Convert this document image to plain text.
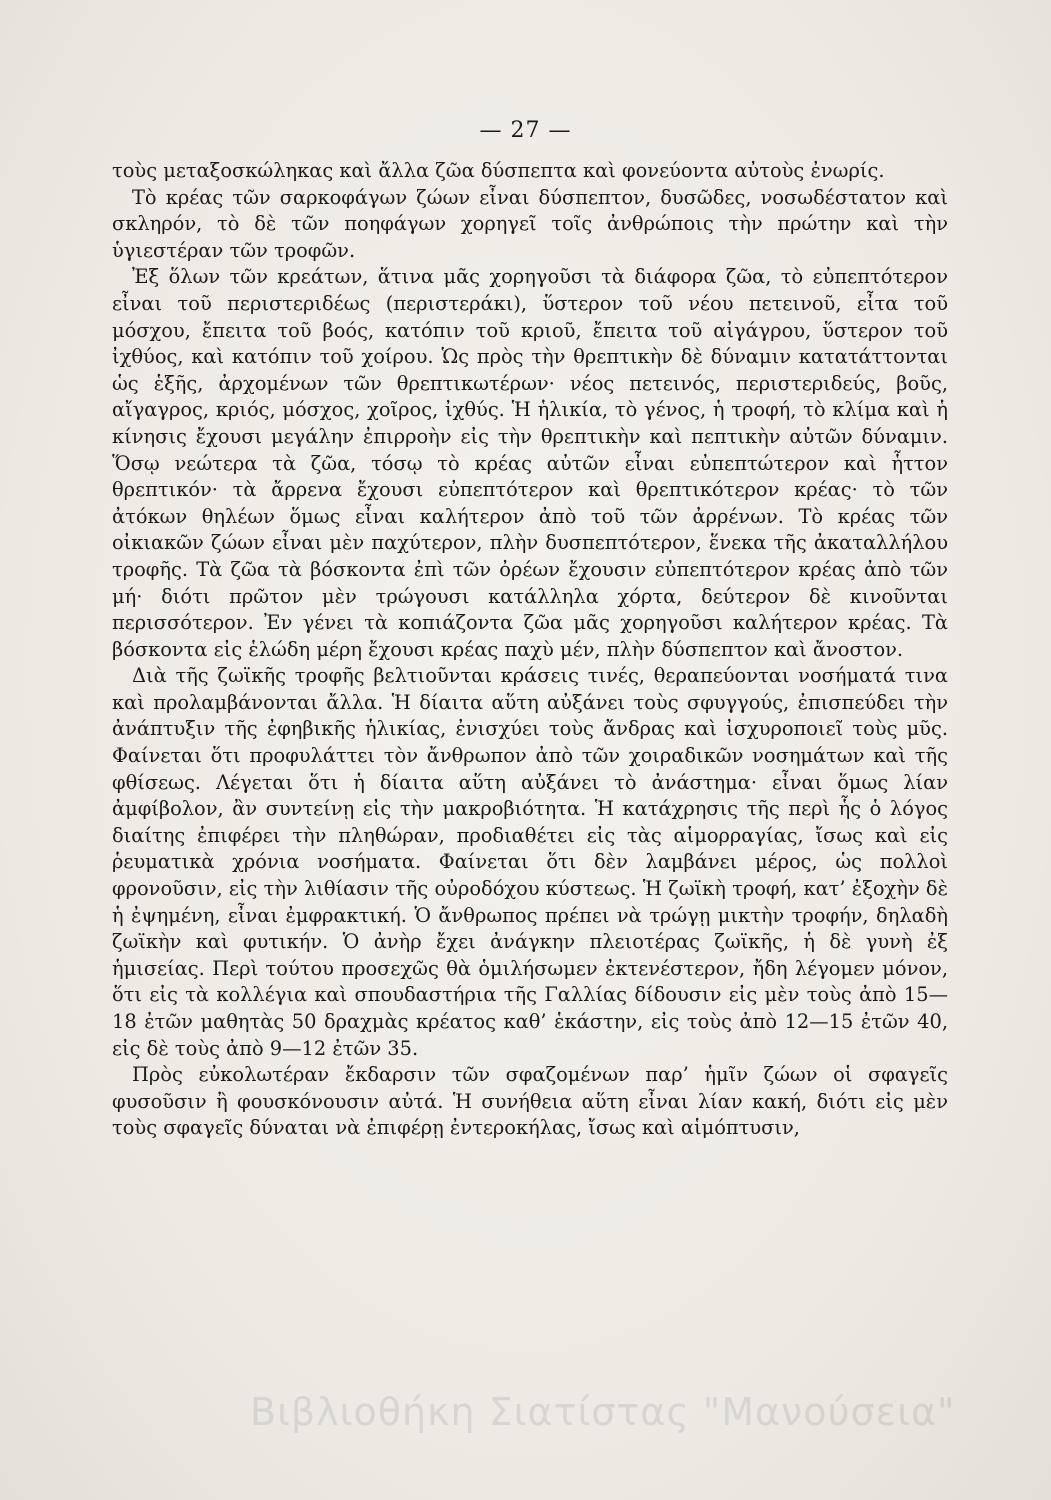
— 27 —

τοὺς μεταξοσκώληκας καὶ ἄλλα ζῶα δύσπεπτα καὶ φονεύοντα αὐτοὺς ἐνωρίς.

Τὸ κρέας τῶν σαρκοφάγων ζώων εἶναι δύσπεπτον, δυσῶδες, νοσωδέστατον καὶ σκληρόν, τὸ δὲ τῶν ποηφάγων χορηγεῖ τοῖς ἀνθρώποις τὴν πρώτην καὶ τὴν ὑγιεστέραν τῶν τροφῶν.

Ἐξ ὅλων τῶν κρεάτων, ἅτινα μᾶς χορηγοῦσι τὰ διάφορα ζῶα, τὸ εὐπεπτότερον εἶναι τοῦ περιστεριδέως (περιστεράκι), ὕστερον τοῦ νέου πετεινοῦ, εἶτα τοῦ μόσχου, ἔπειτα τοῦ βοός, κατόπιν τοῦ κριοῦ, ἔπειτα τοῦ αἰγάγρου, ὕστερον τοῦ ἰχθύος, καὶ κατόπιν τοῦ χοίρου. Ὡς πρὸς τὴν θρεπτικὴν δὲ δύναμιν κατατάττονται ὡς ἑξῆς, ἀρχομένων τῶν θρεπτικωτέρων· νέος πετεινός, περιστεριδεύς, βοῦς, αἴγαγρος, κριός, μόσχος, χοῖρος, ἰχθύς. Ἡ ἡλικία, τὸ γένος, ἡ τροφή, τὸ κλίμα καὶ ἡ κίνησις ἔχουσι μεγάλην ἐπιρροὴν εἰς τὴν θρεπτικὴν καὶ πεπτικὴν αὐτῶν δύναμιν. Ὅσῳ νεώτερα τὰ ζῶα, τόσῳ τὸ κρέας αὐτῶν εἶναι εὐπεπτώτερον καὶ ἧττον θρεπτικόν· τὰ ἄρρενα ἔχουσι εὐπεπτότερον καὶ θρεπτικότερον κρέας· τὸ τῶν ἀτόκων θηλέων ὅμως εἶναι καλήτερον ἀπὸ τοῦ τῶν ἀρρένων. Τὸ κρέας τῶν οἰκιακῶν ζώων εἶναι μὲν παχύτερον, πλὴν δυσπεπτότερον, ἕνεκα τῆς ἀκαταλλήλου τροφῆς. Τὰ ζῶα τὰ βόσκοντα ἐπὶ τῶν ὀρέων ἔχουσιν εὐπεπτότερον κρέας ἀπὸ τῶν μή· διότι πρῶτον μὲν τρώγουσι κατάλληλα χόρτα, δεύτερον δὲ κινοῦνται περισσότερον. Ἐν γένει τὰ κοπιάζοντα ζῶα μᾶς χορηγοῦσι καλήτερον κρέας. Τὰ βόσκοντα εἰς ἑλώδη μέρη ἔχουσι κρέας παχὺ μέν, πλὴν δύσπεπτον καὶ ἄνοστον.

Διὰ τῆς ζωϊκῆς τροφῆς βελτιοῦνται κράσεις τινές, θεραπεύονται νοσήματά τινα καὶ προλαμβάνονται ἄλλα. Ἡ δίαιτα αὕτη αὐξάνει τοὺς σφυγγούς, ἐπισπεύδει τὴν ἀνάπτυξιν τῆς ἐφηβικῆς ἡλικίας, ἐνισχύει τοὺς ἄνδρας καὶ ἰσχυροποιεῖ τοὺς μῦς. Φαίνεται ὅτι προφυλάττει τὸν ἄνθρωπον ἀπὸ τῶν χοιραδικῶν νοσημάτων καὶ τῆς φθίσεως. Λέγεται ὅτι ἡ δίαιτα αὕτη αὐξάνει τὸ ἀνάστημα· εἶναι ὅμως λίαν ἀμφίβολον, ἂν συντείνῃ εἰς τὴν μακροβιότητα. Ἡ κατάχρησις τῆς περὶ ἧς ὁ λόγος διαίτης ἐπιφέρει τὴν πληθώραν, προδιαθέτει εἰς τὰς αἱμορραγίας, ἴσως καὶ εἰς ῥευματικὰ χρόνια νοσήματα. Φαίνεται ὅτι δὲν λαμβάνει μέρος, ὡς πολλοὶ φρονοῦσιν, εἰς τὴν λιθίασιν τῆς οὐροδόχου κύστεως. Ἡ ζωϊκὴ τροφή, κατ’ ἐξοχὴν δὲ ἡ ἐψημένη, εἶναι ἐμφρακτική. Ὁ ἄνθρωπος πρέπει νὰ τρώγῃ μικτὴν τροφήν, δηλαδὴ ζωϊκὴν καὶ φυτικήν. Ὁ ἀνὴρ ἔχει ἀνάγκην πλειοτέρας ζωϊκῆς, ἡ δὲ γυνὴ ἐξ ἡμισείας. Περὶ τούτου προσεχῶς θὰ ὁμιλήσωμεν ἐκτενέστερον, ἤδη λέγομεν μόνον, ὅτι εἰς τὰ κολλέγια καὶ σπουδαστήρια τῆς Γαλλίας δίδουσιν εἰς μὲν τοὺς ἀπὸ 15—18 ἐτῶν μαθητὰς 50 δραχμὰς κρέατος καθ’ ἑκάστην, εἰς τοὺς ἀπὸ 12—15 ἐτῶν 40, εἰς δὲ τοὺς ἀπὸ 9—12 ἐτῶν 35.

Πρὸς εὐκολωτέραν ἔκδαρσιν τῶν σφαζομένων παρ’ ἡμῖν ζώων οἱ σφαγεῖς φυσοῦσιν ἢ φουσκόνουσιν αὐτά. Ἡ συνήθεια αὕτη εἶναι λίαν κακή, διότι εἰς μὲν τοὺς σφαγεῖς δύναται νὰ ἐπιφέρῃ ἐντεροκήλας, ἴσως καὶ αἱμόπτυσιν,

Βιβλιοθήκη Σιατίστας "Μανούσεια"
